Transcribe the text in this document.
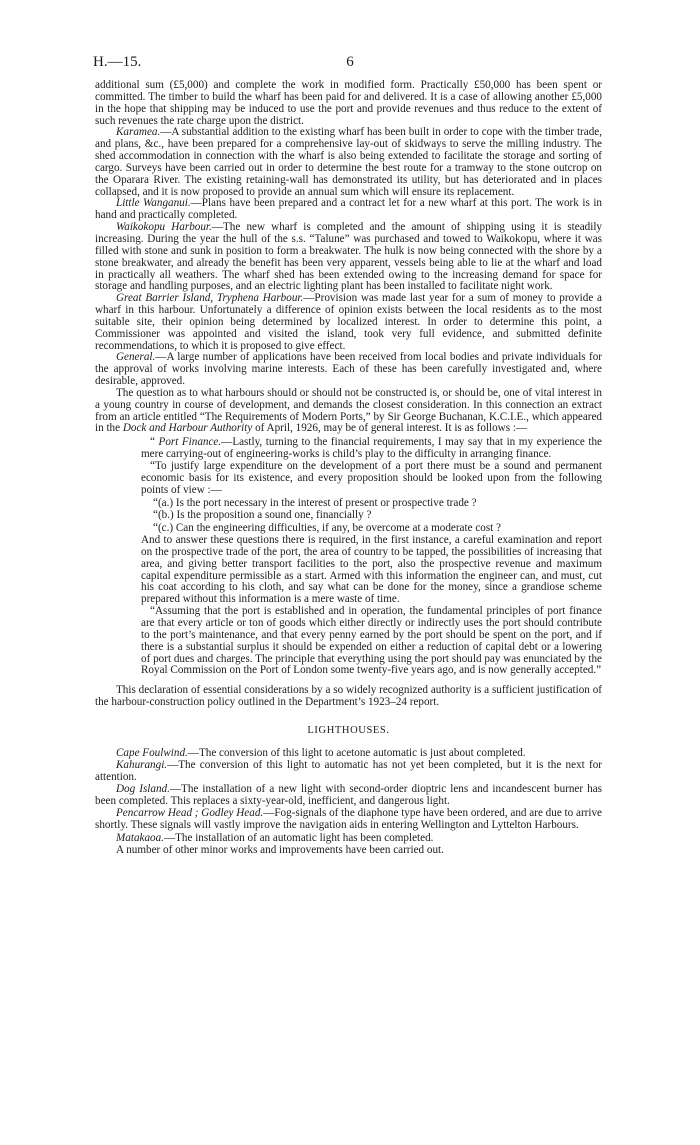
H.—15.	6

additional sum (£5,000) and complete the work in modified form. Practically £50,000 has been spent or committed. The timber to build the wharf has been paid for and delivered. It is a case of allowing another £5,000 in the hope that shipping may be induced to use the port and provide revenues and thus reduce to the extent of such revenues the rate charge upon the district.

Karamea.—A substantial addition to the existing wharf has been built in order to cope with the timber trade, and plans, &c., have been prepared for a comprehensive lay-out of skidways to serve the milling industry. The shed accommodation in connection with the wharf is also being extended to facilitate the storage and sorting of cargo. Surveys have been carried out in order to determine the best route for a tramway to the stone outcrop on the Oparara River. The existing retaining-wall has demonstrated its utility, but has deteriorated and in places collapsed, and it is now proposed to provide an annual sum which will ensure its replacement.

Little Wanganui.—Plans have been prepared and a contract let for a new wharf at this port. The work is in hand and practically completed.

Waikokopu Harbour.—The new wharf is completed and the amount of shipping using it is steadily increasing. During the year the hull of the s.s. “Talune” was purchased and towed to Waikokopu, where it was filled with stone and sunk in position to form a breakwater. The hulk is now being connected with the shore by a stone breakwater, and already the benefit has been very apparent, vessels being able to lie at the wharf and load in practically all weathers. The wharf shed has been extended owing to the increasing demand for space for storage and handling purposes, and an electric lighting plant has been installed to facilitate night work.

Great Barrier Island, Tryphena Harbour.—Provision was made last year for a sum of money to provide a wharf in this harbour. Unfortunately a difference of opinion exists between the local residents as to the most suitable site, their opinion being determined by localized interest. In order to determine this point, a Commissioner was appointed and visited the island, took very full evidence, and submitted definite recommendations, to which it is proposed to give effect.

General.—A large number of applications have been received from local bodies and private individuals for the approval of works involving marine interests. Each of these has been carefully investigated and, where desirable, approved.

The question as to what harbours should or should not be constructed is, or should be, one of vital interest in a young country in course of development, and demands the closest consideration. In this connection an extract from an article entitled “The Requirements of Modern Ports,” by Sir George Buchanan, K.C.I.E., which appeared in the Dock and Harbour Authority of April, 1926, may be of general interest. It is as follows :—

“ Port Finance.—Lastly, turning to the financial requirements, I may say that in my experience the mere carrying-out of engineering-works is child’s play to the difficulty in arranging finance.

“To justify large expenditure on the development of a port there must be a sound and permanent economic basis for its existence, and every proposition should be looked upon from the following points of view :—

“(a.) Is the port necessary in the interest of present or prospective trade ?

“(b.) Is the proposition a sound one, financially ?

“(c.) Can the engineering difficulties, if any, be overcome at a moderate cost ?

And to answer these questions there is required, in the first instance, a careful examination and report on the prospective trade of the port, the area of country to be tapped, the possibilities of increasing that area, and giving better transport facilities to the port, also the prospective revenue and maximum capital expenditure permissible as a start. Armed with this information the engineer can, and must, cut his coat according to his cloth, and say what can be done for the money, since a grandiose scheme prepared without this information is a mere waste of time.

“Assuming that the port is established and in operation, the fundamental principles of port finance are that every article or ton of goods which either directly or indirectly uses the port should contribute to the port’s maintenance, and that every penny earned by the port should be spent on the port, and if there is a substantial surplus it should be expended on either a reduction of capital debt or a lowering of port dues and charges. The principle that everything using the port should pay was enunciated by the Royal Commission on the Port of London some twenty-five years ago, and is now generally accepted.”

This declaration of essential considerations by a so widely recognized authority is a sufficient justification of the harbour-construction policy outlined in the Department’s 1923–24 report.

LIGHTHOUSES.

Cape Foulwind.—The conversion of this light to acetone automatic is just about completed.

Kahurangi.—The conversion of this light to automatic has not yet been completed, but it is the next for attention.

Dog Island.—The installation of a new light with second-order dioptric lens and incandescent burner has been completed. This replaces a sixty-year-old, inefficient, and dangerous light.

Pencarrow Head ; Godley Head.—Fog-signals of the diaphone type have been ordered, and are due to arrive shortly. These signals will vastly improve the navigation aids in entering Wellington and Lyttelton Harbours.

Matakaoa.—The installation of an automatic light has been completed.

A number of other minor works and improvements have been carried out.
